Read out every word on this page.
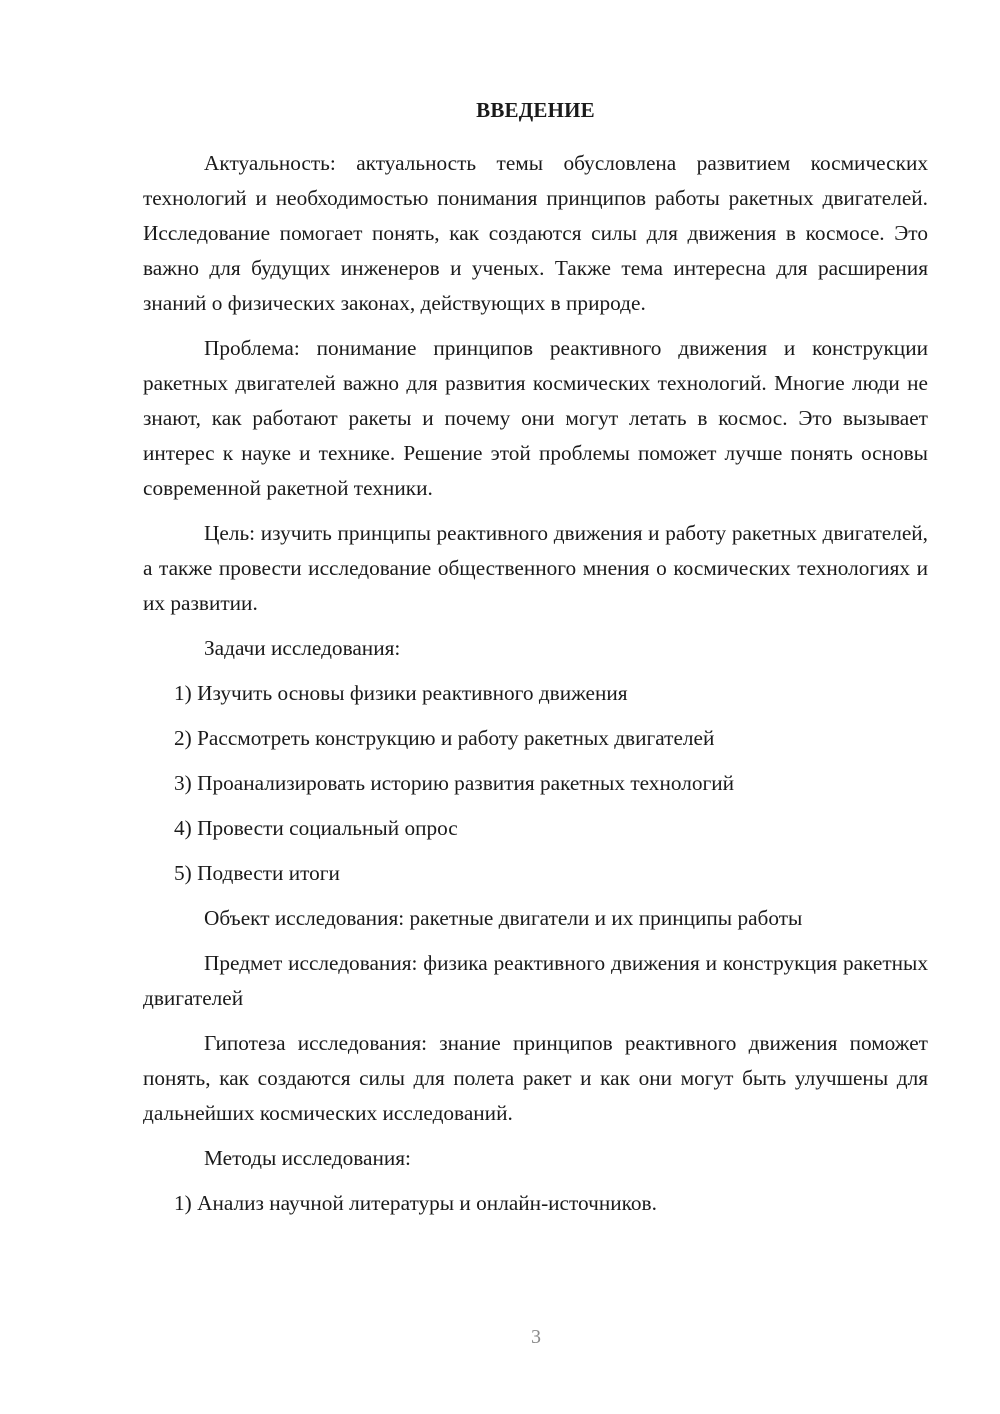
ВВЕДЕНИЕ

Актуальность: актуальность темы обусловлена развитием космических технологий и необходимостью понимания принципов работы ракетных двигателей. Исследование помогает понять, как создаются силы для движения в космосе. Это важно для будущих инженеров и ученых. Также тема интересна для расширения знаний о физических законах, действующих в природе.

Проблема: понимание принципов реактивного движения и конструкции ракетных двигателей важно для развития космических технологий. Многие люди не знают, как работают ракеты и почему они могут летать в космос. Это вызывает интерес к науке и технике. Решение этой проблемы поможет лучше понять основы современной ракетной техники.

Цель: изучить принципы реактивного движения и работу ракетных двигателей, а также провести исследование общественного мнения о космических технологиях и их развитии.

Задачи исследования:

1) Изучить основы физики реактивного движения
2) Рассмотреть конструкцию и работу ракетных двигателей
3) Проанализировать историю развития ракетных технологий
4) Провести социальный опрос
5) Подвести итоги

Объект исследования: ракетные двигатели и их принципы работы

Предмет исследования: физика реактивного движения и конструкция ракетных двигателей

Гипотеза исследования: знание принципов реактивного движения поможет понять, как создаются силы для полета ракет и как они могут быть улучшены для дальнейших космических исследований.

Методы исследования:

1) Анализ научной литературы и онлайн-источников.
3
